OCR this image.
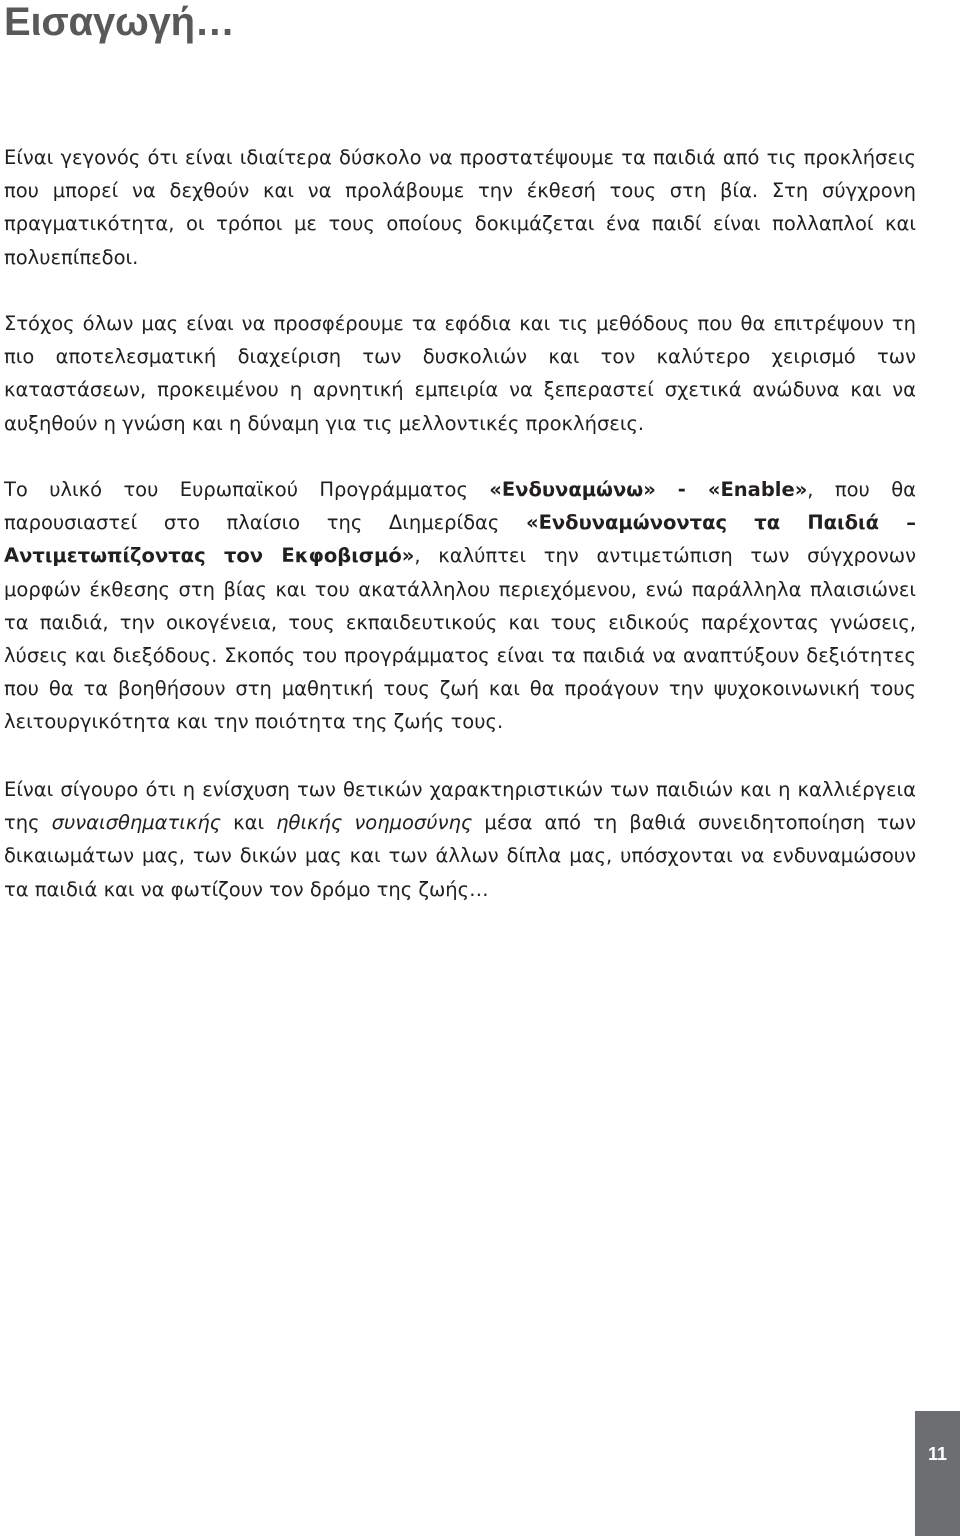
Εισαγωγή…

Είναι γεγονός ότι είναι ιδιαίτερα δύσκολο να προστατέψουμε τα παιδιά από τις προκλήσεις που μπορεί να δεχθούν και να προλάβουμε την έκθεσή τους στη βία. Στη σύγχρονη πραγματικότητα, οι τρόποι με τους οποίους δοκιμάζεται ένα παιδί είναι πολλαπλοί και πολυεπίπεδοι.

Στόχος όλων μας είναι να προσφέρουμε τα εφόδια και τις μεθόδους που θα επιτρέψουν τη πιο αποτελεσματική διαχείριση των δυσκολιών και τον καλύτερο χειρισμό των καταστάσεων, προκειμένου η αρνητική εμπειρία να ξεπεραστεί σχετικά ανώδυνα και να αυξηθούν η γνώση και η δύναμη για τις μελλοντικές προκλήσεις.

Το υλικό του Ευρωπαϊκού Προγράμματος «Ενδυναμώνω» - «Enable», που θα παρουσιαστεί στο πλαίσιο της Διημερίδας «Ενδυναμώνοντας τα Παιδιά – Αντιμετωπίζοντας τον Εκφοβισμό», καλύπτει την αντιμετώπιση των σύγχρονων μορφών έκθεσης στη βίας και του ακατάλληλου περιεχόμενου, ενώ παράλληλα πλαισιώνει τα παιδιά, την οικογένεια, τους εκπαιδευτικούς και τους ειδικούς παρέχοντας γνώσεις, λύσεις και διεξόδους. Σκοπός του προγράμματος είναι τα παιδιά να αναπτύξουν δεξιότητες που θα τα βοηθήσουν στη μαθητική τους ζωή και θα προάγουν την ψυχοκοινωνική τους λειτουργικότητα και την ποιότητα της ζωής τους.

Είναι σίγουρο ότι η ενίσχυση των θετικών χαρακτηριστικών των παιδιών και η καλλιέργεια της συναισθηματικής και ηθικής νοημοσύνης μέσα από τη βαθιά συνειδητοποίηση των δικαιωμάτων μας, των δικών μας και των άλλων δίπλα μας, υπόσχονται να ενδυναμώσουν τα παιδιά και να φωτίζουν τον δρόμο της ζωής…

11
